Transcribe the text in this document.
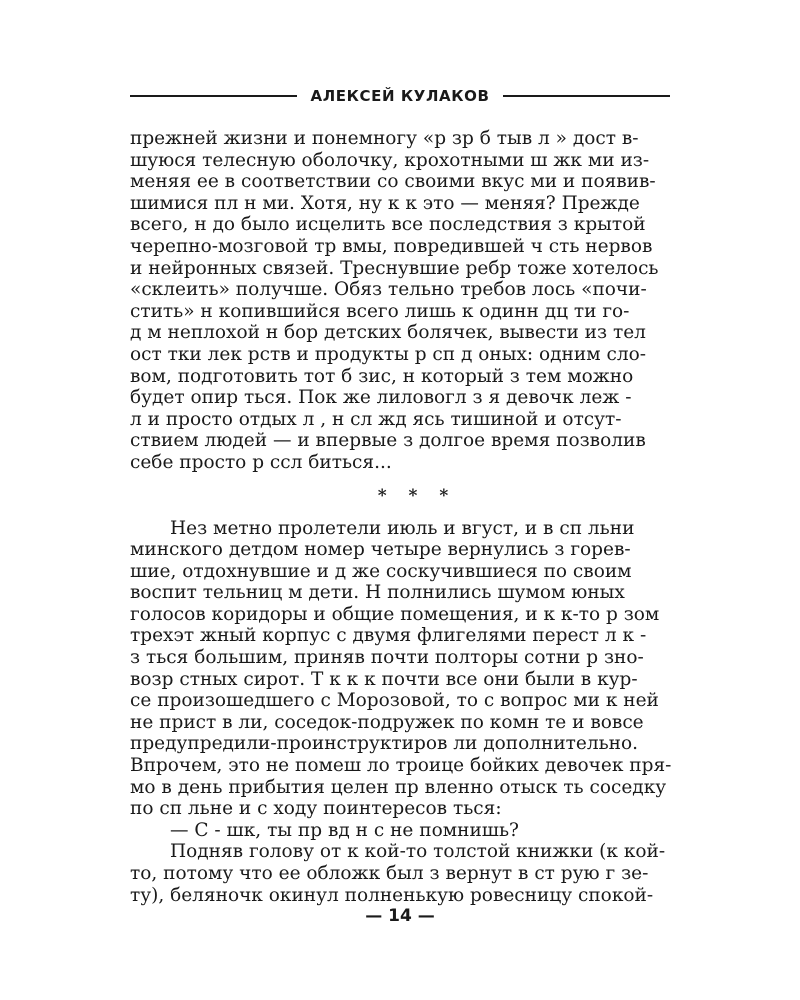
АЛЕКСЕЙ КУЛАКОВ
прежней жизни и понемногу «р зр б тыв л » дост в-
шуюся телесную оболочку, крохотными ш жк ми из-
меняя ее в соответствии со своими вкус ми и появив-
шимися пл н ми. Хотя, ну к к это — меняя? Прежде
всего, н до было исцелить все последствия з крытой
черепно-мозговой тр вмы, повредившей ч сть нервов
и нейронных связей. Треснувшие ребр тоже хотелось
«склеить» получше. Обяз тельно требов лось «почи-
стить» н копившийся всего лишь к одинн дц ти го-
д м неплохой н бор детских болячек, вывести из тел
ост тки лек рств и продукты р сп д оных: одним сло-
вом, подготовить тот б зис, н который з тем можно
будет опир ться. Пок же лиловогл з я девочк леж -
л и просто отдых л , н сл жд ясь тишиной и отсут-
ствием людей — и впервые з долгое время позволив
себе просто р ссл биться...
* * *
Нез метно пролетели июль и вгуст, и в сп льни
минского детдом номер четыре вернулись з горев-
шие, отдохнувшие и д же соскучившиеся по своим
воспит тельниц м дети. Н полнились шумом юных
голосов коридоры и общие помещения, и к к-то р зом
трехэт жный корпус с двумя флигелями перест л к -
з ться большим, приняв почти полторы сотни р зно-
возр стных сирот. Т к к к почти все они были в кур-
се произошедшего с Морозовой, то с вопрос ми к ней
не прист в ли, соседок-подружек по комн те и вовсе
предупредили-проинструктиров ли дополнительно.
Впрочем, это не помеш ло троице бойких девочек пря-
мо в день прибытия целен пр вленно отыск ть соседку
по сп льне и с ходу поинтересов ться:
— С - шк, ты пр вд н с не помнишь?
Подняв голову от к кой-то толстой книжки (к кой-
то, потому что ее обложк был з вернут в ст рую г зе-
ту), беляночк окинул полненькую ровесницу спокой-
— 14 —
